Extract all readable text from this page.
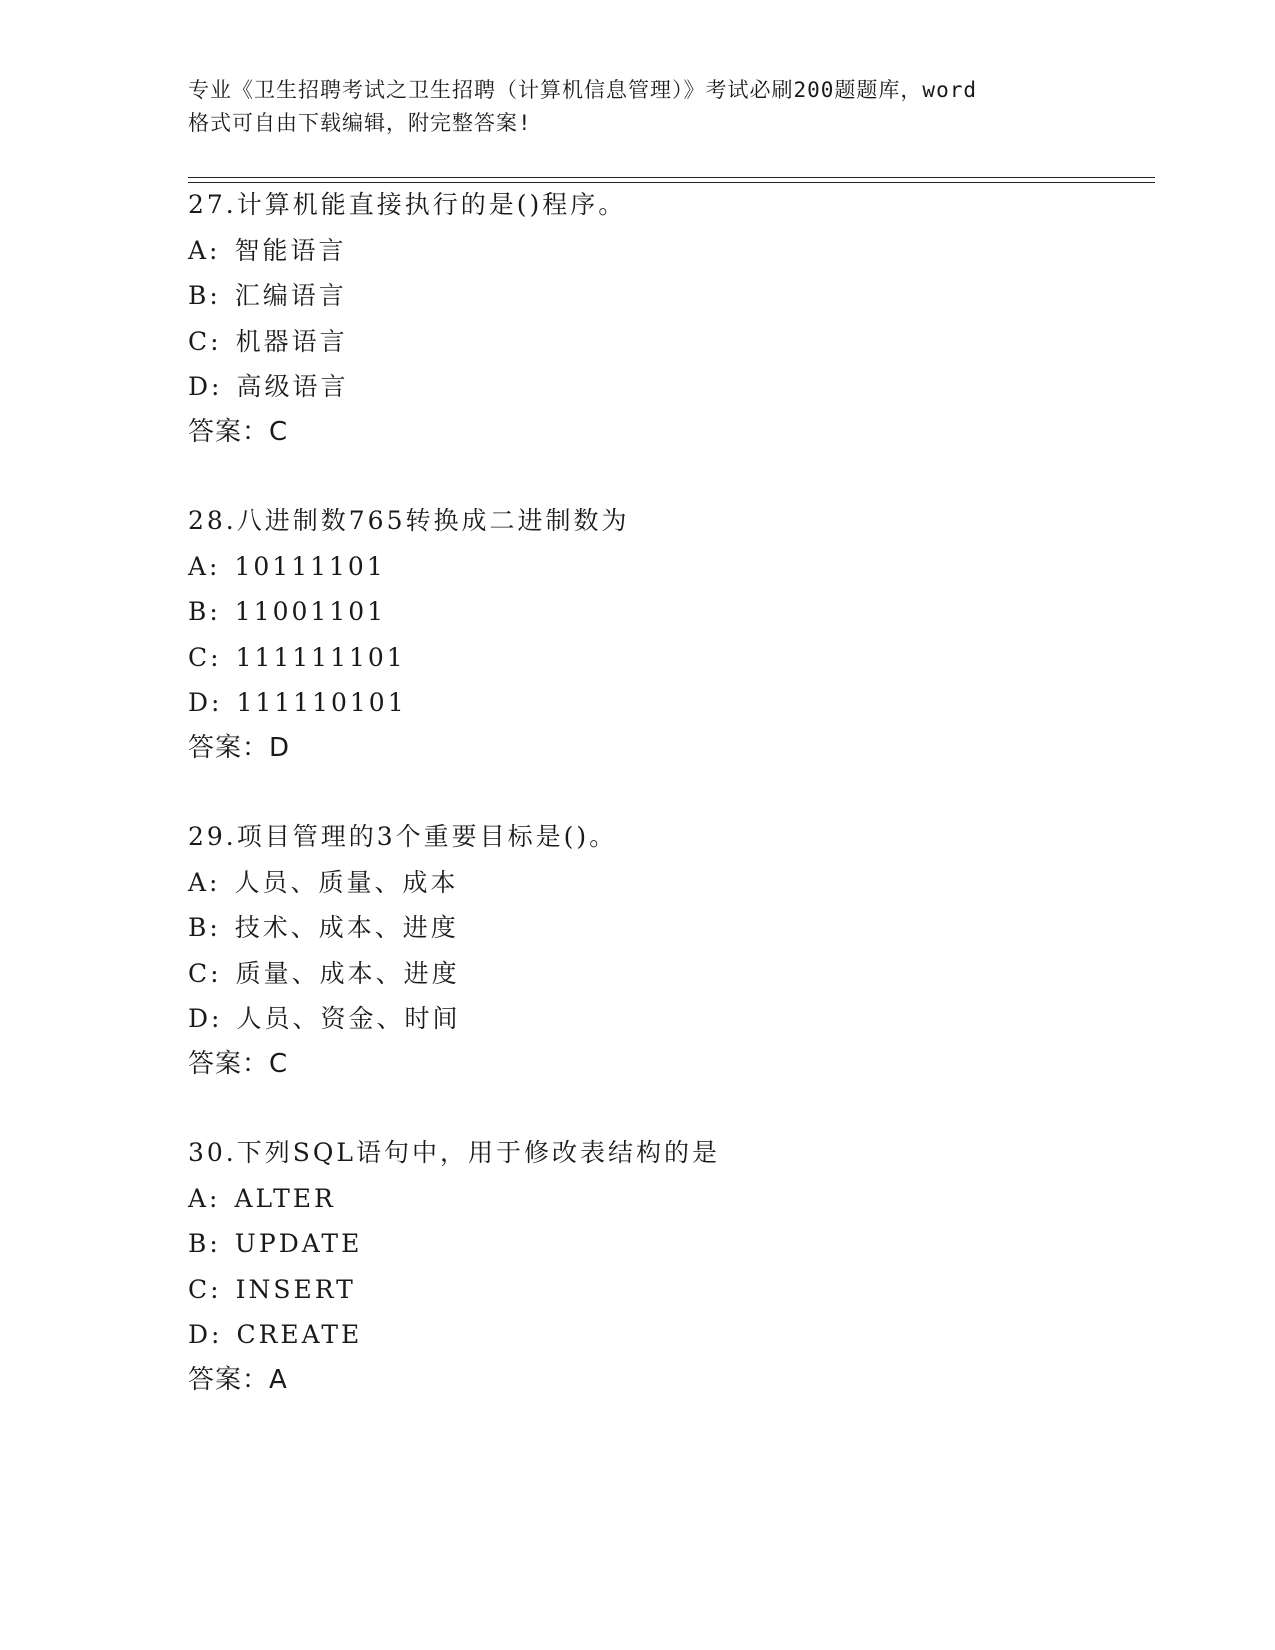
专业《卫生招聘考试之卫生招聘（计算机信息管理）》考试必刷200题题库，word
格式可自由下载编辑，附完整答案!
27.计算机能直接执行的是()程序。
A: 智能语言
B: 汇编语言
C: 机器语言
D: 高级语言
答案：C
28.八进制数765转换成二进制数为
A: 10111101
B: 11001101
C: 111111101
D: 111110101
答案：D
29.项目管理的3个重要目标是()。
A: 人员、质量、成本
B: 技术、成本、进度
C: 质量、成本、进度
D: 人员、资金、时间
答案：C
30.下列SQL语句中，用于修改表结构的是
A: ALTER
B: UPDATE
C: INSERT
D: CREATE
答案：A
